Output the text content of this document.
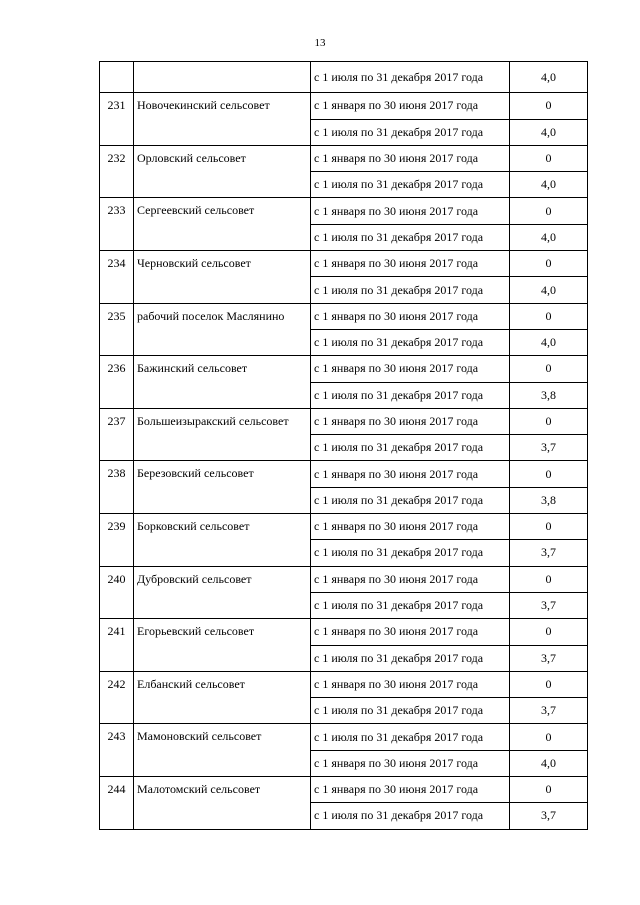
13
		с 1 июля по 31 декабря 2017 года	4,0
231	Новочекинский сельсовет	с 1 января по 30 июня 2017 года	0
		с 1 июля по 31 декабря 2017 года	4,0
232	Орловский сельсовет	с 1 января по 30 июня 2017 года	0
		с 1 июля по 31 декабря 2017 года	4,0
233	Сергеевский сельсовет	с 1 января по 30 июня 2017 года	0
		с 1 июля по 31 декабря 2017 года	4,0
234	Черновский сельсовет	с 1 января по 30 июня 2017 года	0
		с 1 июля по 31 декабря 2017 года	4,0
235	рабочий поселок Маслянино	с 1 января по 30 июня 2017 года	0
		с 1 июля по 31 декабря 2017 года	4,0
236	Бажинский сельсовет	с 1 января по 30 июня 2017 года	0
		с 1 июля по 31 декабря 2017 года	3,8
237	Большеизыракский сельсовет	с 1 января по 30 июня 2017 года	0
		с 1 июля по 31 декабря 2017 года	3,7
238	Березовский сельсовет	с 1 января по 30 июня 2017 года	0
		с 1 июля по 31 декабря 2017 года	3,8
239	Борковский сельсовет	с 1 января по 30 июня 2017 года	0
		с 1 июля по 31 декабря 2017 года	3,7
240	Дубровский сельсовет	с 1 января по 30 июня 2017 года	0
		с 1 июля по 31 декабря 2017 года	3,7
241	Егорьевский сельсовет	с 1 января по 30 июня 2017 года	0
		с 1 июля по 31 декабря 2017 года	3,7
242	Елбанский сельсовет	с 1 января по 30 июня 2017 года	0
		с 1 июля по 31 декабря 2017 года	3,7
243	Мамоновский сельсовет	с 1 июля по 31 декабря 2017 года	0
		с 1 января по 30 июня 2017 года	4,0
244	Малотомский сельсовет	с 1 января по 30 июня 2017 года	0
		с 1 июля по 31 декабря 2017 года	3,7
